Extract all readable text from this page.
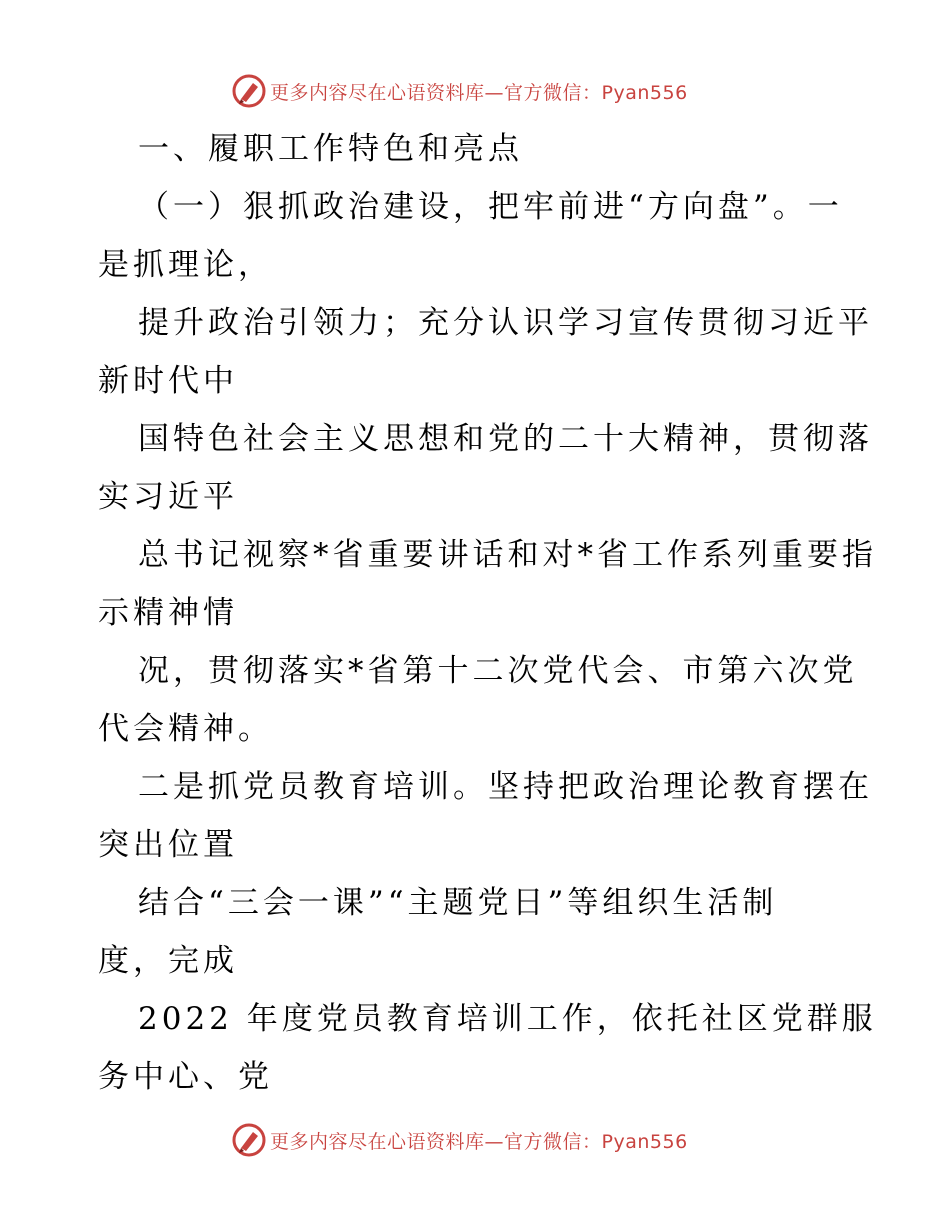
更多内容尽在心语资料库—官方微信：Pyan556
一、履职工作特色和亮点
（一）狠抓政治建设，把牢前进“方向盘”。一
是抓理论，
提升政治引领力；充分认识学习宣传贯彻习近平
新时代中
国特色社会主义思想和党的二十大精神，贯彻落
实习近平
总书记视察*省重要讲话和对*省工作系列重要指
示精神情
况，贯彻落实*省第十二次党代会、市第六次党
代会精神。
二是抓党员教育培训。坚持把政治理论教育摆在
突出位置
结合“三会一课”“主题党日”等组织生活制
度，完成
2022 年度党员教育培训工作，依托社区党群服
务中心、党
更多内容尽在心语资料库—官方微信：Pyan556
